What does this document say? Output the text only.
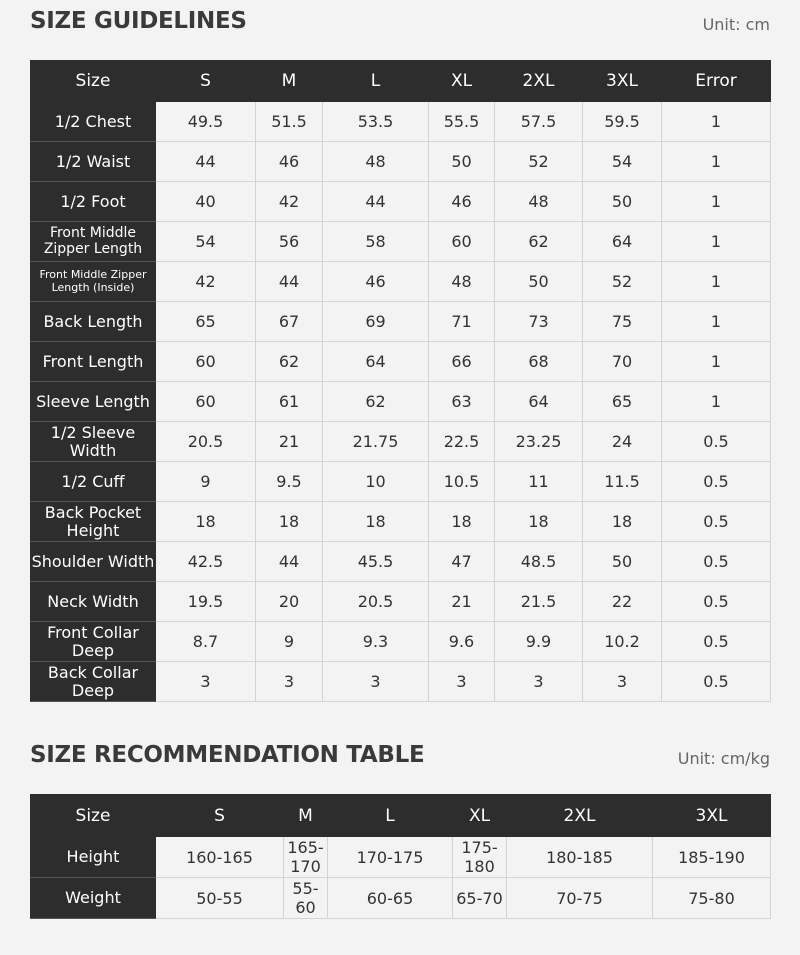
SIZE GUIDELINES	Unit: cm
Size	S	M	L	XL	2XL	3XL	Error
1/2 Chest	49.5	51.5	53.5	55.5	57.5	59.5	1
1/2 Waist	44	46	48	50	52	54	1
1/2 Foot	40	42	44	46	48	50	1
Front Middle Zipper Length	54	56	58	60	62	64	1
Front Middle Zipper Length (Inside)	42	44	46	48	50	52	1
Back Length	65	67	69	71	73	75	1
Front Length	60	62	64	66	68	70	1
Sleeve Length	60	61	62	63	64	65	1
1/2 Sleeve Width	20.5	21	21.75	22.5	23.25	24	0.5
1/2 Cuff	9	9.5	10	10.5	11	11.5	0.5
Back Pocket Height	18	18	18	18	18	18	0.5
Shoulder Width	42.5	44	45.5	47	48.5	50	0.5
Neck Width	19.5	20	20.5	21	21.5	22	0.5
Front Collar Deep	8.7	9	9.3	9.6	9.9	10.2	0.5
Back Collar Deep	3	3	3	3	3	3	0.5
SIZE RECOMMENDATION TABLE	Unit: cm/kg
Size	S	M	L	XL	2XL	3XL
Height	160-165	165-170	170-175	175-180	180-185	185-190
Weight	50-55	55-60	60-65	65-70	70-75	75-80
